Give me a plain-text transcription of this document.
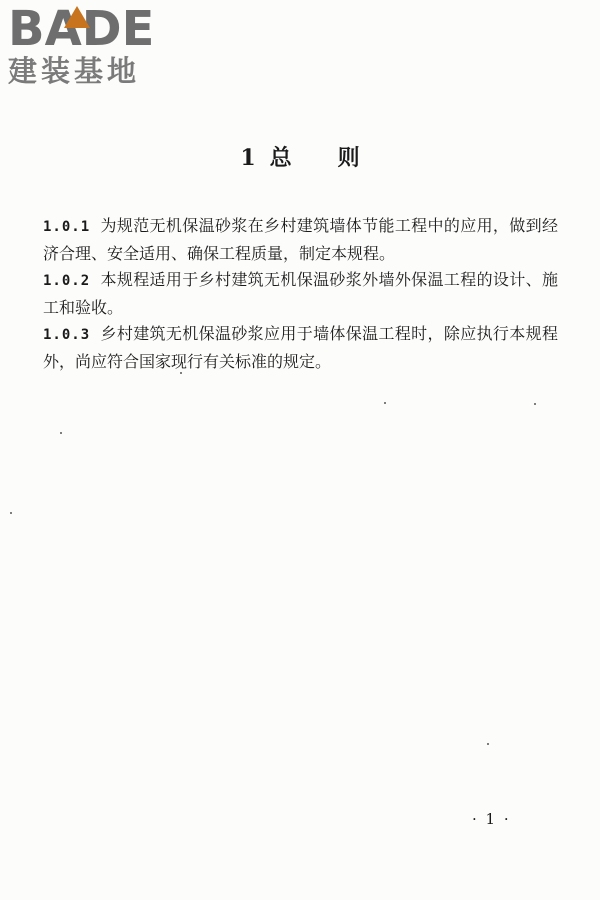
BADE
建装基地
1 总 则

1.0.1 为规范无机保温砂浆在乡村建筑墙体节能工程中的应用，做到经济合理、安全适用、确保工程质量，制定本规程。

1.0.2 本规程适用于乡村建筑无机保温砂浆外墙外保温工程的设计、施工和验收。

1.0.3 乡村建筑无机保温砂浆应用于墙体保温工程时，除应执行本规程外，尚应符合国家现行有关标准的规定。

· 1 ·
